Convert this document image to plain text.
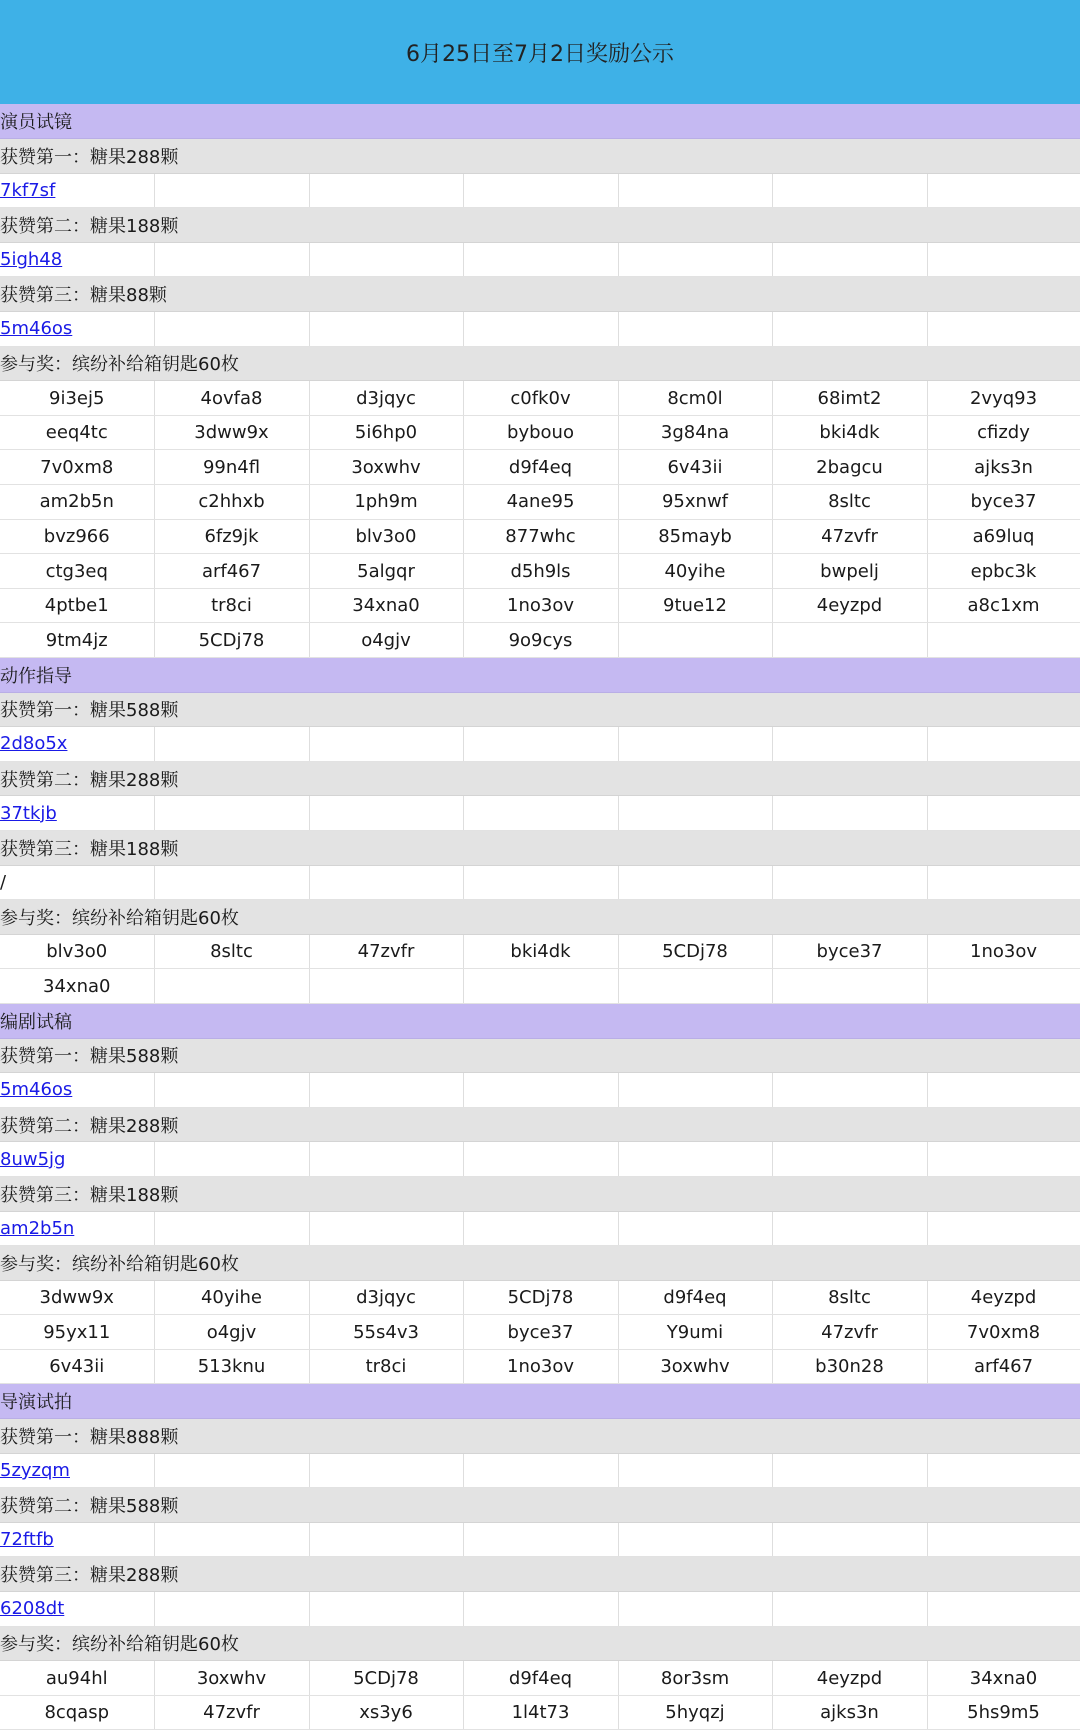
6月25日至7月2日奖励公示
演员试镜						
获赞第一：糖果288颗						
7kf7sf						
获赞第二：糖果188颗						
5igh48						
获赞第三：糖果88颗						
5m46os						
参与奖：缤纷补给箱钥匙60枚						
9i3ej5	4ovfa8	d3jqyc	c0fk0v	8cm0l	68imt2	2vyq93
eeq4tc	3dww9x	5i6hp0	bybouo	3g84na	bki4dk	cfizdy
7v0xm8	99n4fl	3oxwhv	d9f4eq	6v43ii	2bagcu	ajks3n
am2b5n	c2hhxb	1ph9m	4ane95	95xnwf	8sltc	byce37
bvz966	6fz9jk	blv3o0	877whc	85mayb	47zvfr	a69luq
ctg3eq	arf467	5algqr	d5h9ls	40yihe	bwpelj	epbc3k
4ptbe1	tr8ci	34xna0	1no3ov	9tue12	4eyzpd	a8c1xm
9tm4jz	5CDj78	o4gjv	9o9cys			
动作指导						
获赞第一：糖果588颗						
2d8o5x						
获赞第二：糖果288颗						
37tkjb						
获赞第三：糖果188颗						
/						
参与奖：缤纷补给箱钥匙60枚						
blv3o0	8sltc	47zvfr	bki4dk	5CDj78	byce37	1no3ov
34xna0						
编剧试稿						
获赞第一：糖果588颗						
5m46os						
获赞第二：糖果288颗						
8uw5jg						
获赞第三：糖果188颗						
am2b5n						
参与奖：缤纷补给箱钥匙60枚						
3dww9x	40yihe	d3jqyc	5CDj78	d9f4eq	8sltc	4eyzpd
95yx11	o4gjv	55s4v3	byce37	Y9umi	47zvfr	7v0xm8
6v43ii	513knu	tr8ci	1no3ov	3oxwhv	b30n28	arf467
导演试拍						
获赞第一：糖果888颗						
5zyzqm						
获赞第二：糖果588颗						
72ftfb						
获赞第三：糖果288颗						
6208dt						
参与奖：缤纷补给箱钥匙60枚						
au94hl	3oxwhv	5CDj78	d9f4eq	8or3sm	4eyzpd	34xna0
8cqasp	47zvfr	xs3y6	1l4t73	5hyqzj	ajks3n	5hs9m5
